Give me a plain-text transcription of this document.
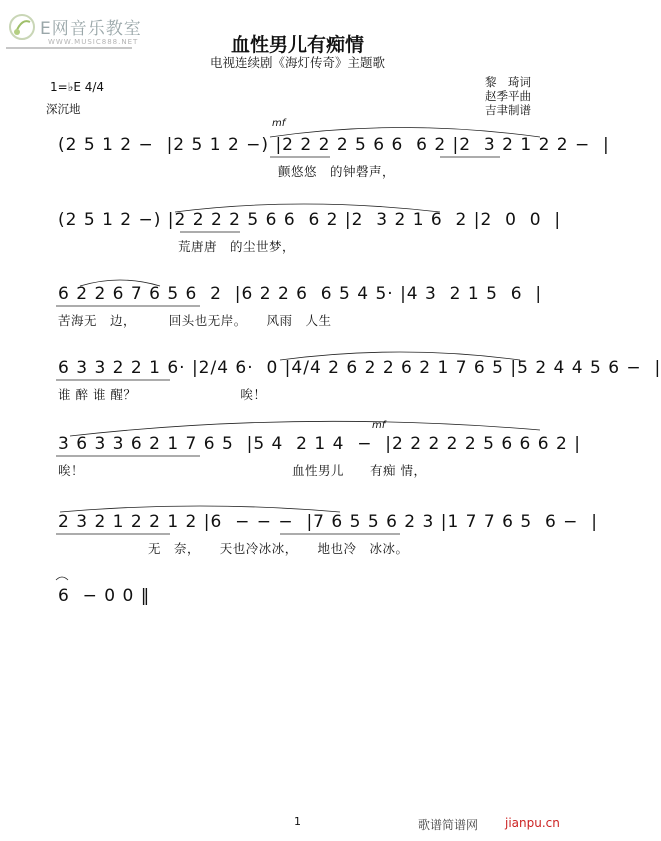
E网音乐教室
WWW.MUSIC888.NET	血性男儿有痴情
电视连续剧《海灯传奇》主题歌
黎　琦词
赵季平曲
吉聿制谱
1=♭E 4/4
深沉地
mf
mf
(2 5 1 2 −  |2 5 1 2 −) |2 2 2 2 5 6 6  6 2 |2  3 2 1 2 2 −  |
颤悠悠　的钟磬声，
(2 5 1 2 −) |2 2 2 2 5 6 6  6 2 |2  3 2 1 6  2 |2  0  0  |
荒唐唐　的尘世梦，
6 2 2 6 7 6 5 6  2  |6 2 2 6  6 5 4 5· |4 3  2 1 5  6  |
苦海无　边，　　　回头也无岸。　　风雨　人生
6 3 3 2 2 1 6· |2/4 6·  0 |4/4 2 6 2 2 6 2 1 7 6 5 |5 2 4 4 5 6 −  |
谁 醉 谁 醒？　　　　　　　　唉！
3 6 3 3 6 2 1 7 6 5  |5 4  2 1 4  −  |2 2 2 2 2 5 6 6 6 2 |
唉！　　　　　　　　　　　　　　　　血性男儿　　有痴 情，
2 3 2 1 2 2 1 2 |6  − − −  |7 6 5 5 6 2 3 |1 7 7 6 5  6 −  |
无　奈，　　天也冷冰冰，　　地也冷　冰冰。
6  − 0 0 ‖
1	歌谱简谱网 jianpu.cn
